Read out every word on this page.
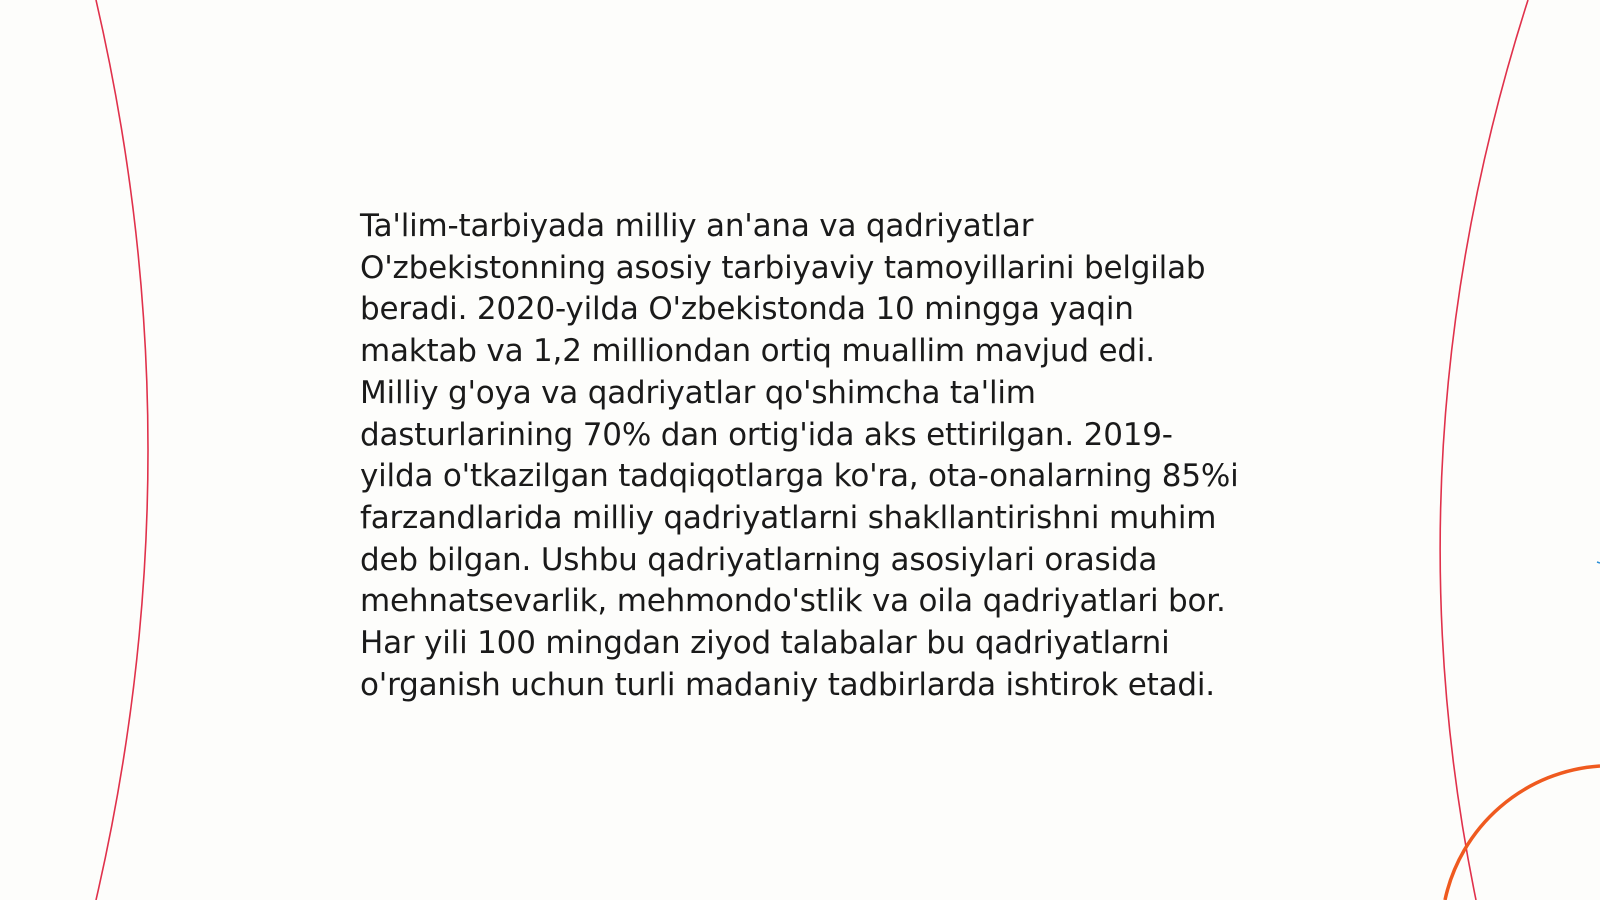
Ta'lim-tarbiyada milliy an'ana va qadriyatlar O'zbekistonning asosiy tarbiyaviy tamoyillarini belgilab beradi. 2020-yilda O'zbekistonda 10 mingga yaqin maktab va 1,2 milliondan ortiq muallim mavjud edi. Milliy g'oya va qadriyatlar qo'shimcha ta'lim dasturlarining 70% dan ortig'ida aks ettirilgan. 2019-yilda o'tkazilgan tadqiqotlarga ko'ra, ota-onalarning 85%i farzandlarida milliy qadriyatlarni shakllantirishni muhim deb bilgan. Ushbu qadriyatlarning asosiylari orasida mehnatsevarlik, mehmondo'stlik va oila qadriyatlari bor. Har yili 100 mingdan ziyod talabalar bu qadriyatlarni o'rganish uchun turli madaniy tadbirlarda ishtirok etadi.
